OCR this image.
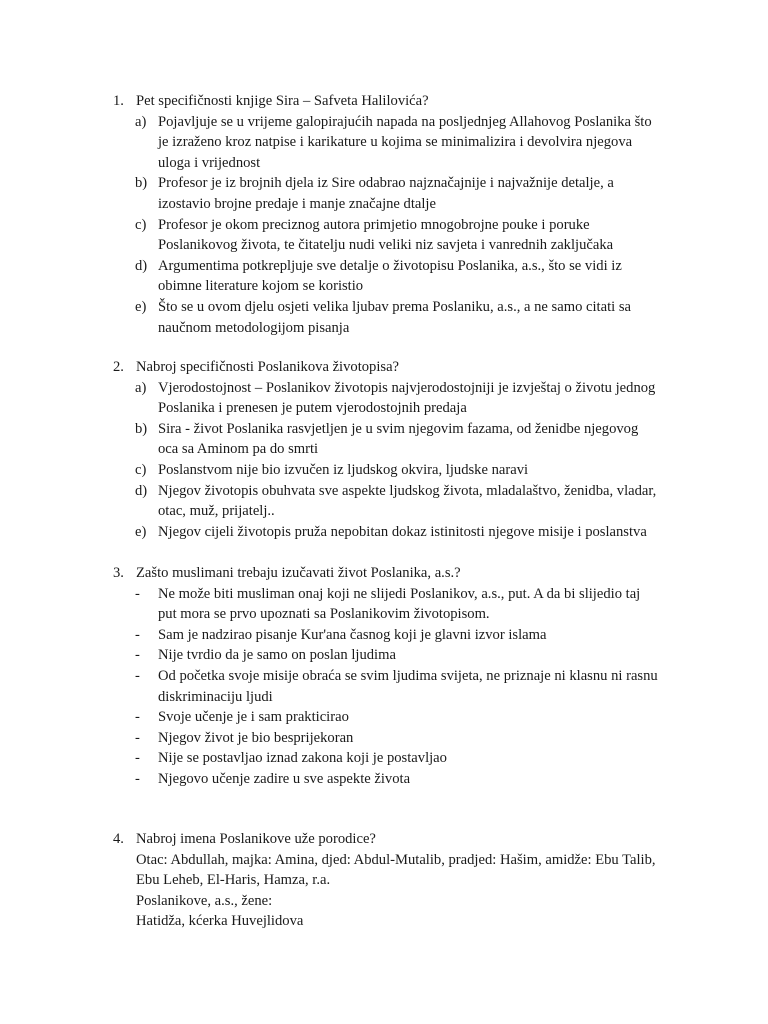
1. Pet specifičnosti knjige Sira – Safveta Halilovića?
a) Pojavljuje se u vrijeme galopirajućih napada na posljednjeg Allahovog Poslanika što
je izraženo kroz natpise i karikature u kojima se minimalizira i devolvira njegova
uloga i vrijednost
b) Profesor je iz brojnih djela iz Sire odabrao najznačajnije i najvažnije detalje, a
izostavio brojne predaje i manje značajne dtalje
c) Profesor je okom preciznog autora primjetio mnogobrojne pouke i poruke
Poslanikovog života, te čitatelju nudi veliki niz savjeta i vanrednih zaključaka
d) Argumentima potkrepljuje sve detalje o životopisu Poslanika, a.s., što se vidi iz
obimne literature kojom se koristio
e) Što se u ovom djelu osjeti velika ljubav prema Poslaniku, a.s., a ne samo citati sa
naučnom metodologijom pisanja
2. Nabroj specifičnosti Poslanikova životopisa?
a) Vjerodostojnost – Poslanikov životopis najvjerodostojniji je izvještaj o životu jednog
Poslanika i prenesen je putem vjerodostojnih predaja
b) Sira - život Poslanika rasvjetljen je u svim njegovim fazama, od ženidbe njegovog
oca sa Aminom pa do smrti
c) Poslanstvom nije bio izvučen iz ljudskog okvira, ljudske naravi
d) Njegov životopis obuhvata sve aspekte ljudskog života, mladalaštvo, ženidba, vladar,
otac, muž, prijatelj..
e) Njegov cijeli životopis pruža nepobitan dokaz istinitosti njegove misije i poslanstva
3. Zašto muslimani trebaju izučavati život Poslanika, a.s.?
- Ne može biti musliman onaj koji ne slijedi Poslanikov, a.s., put. A da bi slijedio taj
put mora se prvo upoznati sa Poslanikovim životopisom.
- Sam je nadzirao pisanje Kur'ana časnog koji je glavni izvor islama
- Nije tvrdio da je samo on poslan ljudima
- Od početka svoje misije obraća se svim ljudima svijeta, ne priznaje ni klasnu ni rasnu
diskriminaciju ljudi
- Svoje učenje je i sam prakticirao
- Njegov život je bio besprijekoran
- Nije se postavljao iznad zakona koji je postavljao
- Njegovo učenje zadire u sve aspekte života
4. Nabroj imena Poslanikove uže porodice?
Otac: Abdullah, majka: Amina, djed: Abdul-Mutalib, pradjed: Hašim, amidže: Ebu Talib,
Ebu Leheb, El-Haris, Hamza, r.a.
Poslanikove, a.s., žene:
Hatidža, kćerka Huvejlidova
